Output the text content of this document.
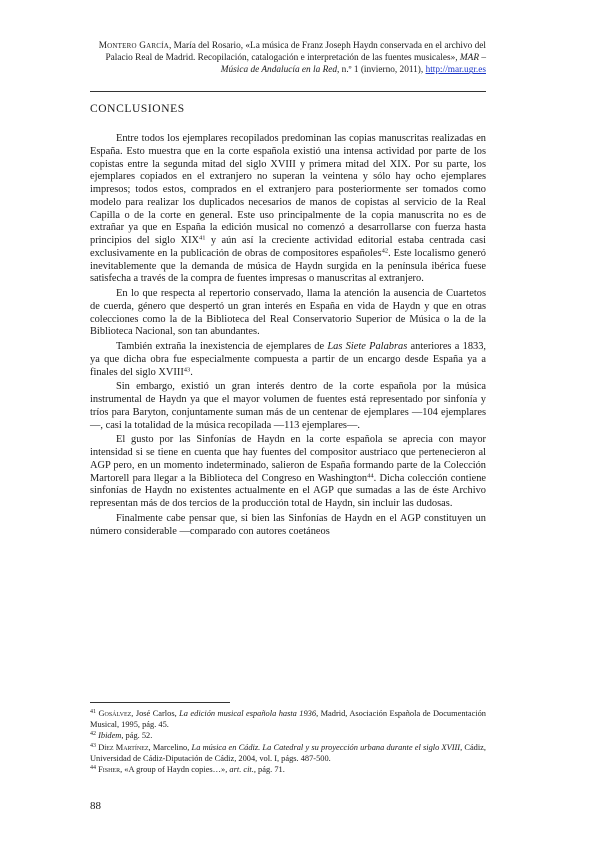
Montero García, María del Rosario, «La música de Franz Joseph Haydn conservada en el archivo del Palacio Real de Madrid. Recopilación, catalogación e interpretación de las fuentes musicales», MAR – Música de Andalucía en la Red, n.º 1 (invierno, 2011), http://mar.ugr.es
CONCLUSIONES

Entre todos los ejemplares recopilados predominan las copias manuscritas realizadas en España. Esto muestra que en la corte española existió una intensa actividad por parte de los copistas entre la segunda mitad del siglo XVIII y primera mitad del XIX. Por su parte, los ejemplares copiados en el extranjero no superan la veintena y sólo hay ocho ejemplares impresos; todos estos, comprados en el extranjero para posteriormente ser tomados como modelo para realizar los duplicados necesarios de manos de copistas al servicio de la Real Capilla o de la corte en general. Este uso principalmente de la copia manuscrita no es de extrañar ya que en España la edición musical no comenzó a desarrollarse con fuerza hasta principios del siglo XIX$^{41}$ y aún así la creciente actividad editorial estaba centrada casi exclusivamente en la publicación de obras de compositores españoles$^{42}$. Este localismo generó inevitablemente que la demanda de música de Haydn surgida en la península ibérica fuese satisfecha a través de la compra de fuentes impresas o manuscritas al extranjero.

En lo que respecta al repertorio conservado, llama la atención la ausencia de Cuartetos de cuerda, género que despertó un gran interés en España en vida de Haydn y que en otras colecciones como la de la Biblioteca del Real Conservatorio Superior de Música o la de la Biblioteca Nacional, son tan abundantes.

También extraña la inexistencia de ejemplares de Las Siete Palabras anteriores a 1833, ya que dicha obra fue especialmente compuesta a partir de un encargo desde España ya a finales del siglo XVIII$^{43}$.

Sin embargo, existió un gran interés dentro de la corte española por la música instrumental de Haydn ya que el mayor volumen de fuentes está representado por sinfonía y tríos para Baryton, conjuntamente suman más de un centenar de ejemplares —104 ejemplares—, casi la totalidad de la música recopilada —113 ejemplares—.

El gusto por las Sinfonías de Haydn en la corte española se aprecia con mayor intensidad si se tiene en cuenta que hay fuentes del compositor austriaco que pertenecieron al AGP pero, en un momento indeterminado, salieron de España formando parte de la Colección Martorell para llegar a la Biblioteca del Congreso en Washington$^{44}$. Dicha colección contiene sinfonías de Haydn no existentes actualmente en el AGP que sumadas a las de éste Archivo representan más de dos tercios de la producción total de Haydn, sin incluir las dudosas.

Finalmente cabe pensar que, si bien las Sinfonías de Haydn en el AGP constituyen un número considerable —comparado con autores coetáneos

$^{41}$ Gosálvez, José Carlos, La edición musical española hasta 1936, Madrid, Asociación Española de Documentación Musical, 1995, pág. 45.

$^{42}$ Ibidem, pág. 52.

$^{43}$ Díez Martínez, Marcelino, La música en Cádiz. La Catedral y su proyección urbana durante el siglo XVIII, Cádiz, Universidad de Cádiz-Diputación de Cádiz, 2004, vol. I, págs. 487-500.

$^{44}$ Fisher, «A group of Haydn copies…», art. cit., pág. 71.

88
